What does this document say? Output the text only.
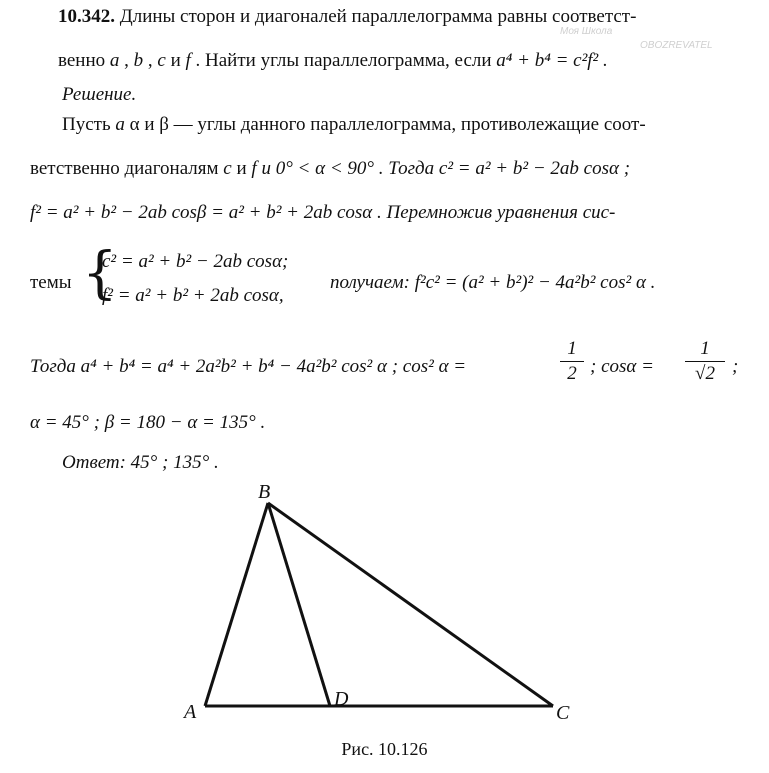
10.342. Длины сторон и диагоналей параллелограмма равны соответст-
венно a , b , c и f . Найти углы параллелограмма, если a⁴ + b⁴ = c²f² .
Решение.
Пусть a α и β — углы данного параллелограмма, противолежащие соот-
ветственно диагоналям c и f и 0° < α < 90° . Тогда c² = a² + b² − 2ab cosα ;
f² = a² + b² − 2ab cosβ = a² + b² + 2ab cosα . Перемножив уравнения сис-
темы {
c² = a² + b² − 2ab cosα;
f² = a² + b² + 2ab cosα,
получаем: f²c² = (a² + b²)² − 4a²b² cos² α .
Тогда a⁴ + b⁴ = a⁴ + 2a²b² + b⁴ − 4a²b² cos² α ; cos² α =
1
2 ; cosα =
1
√2 ;
α = 45° ; β = 180 − α = 135° .
Ответ: 45° ; 135° .
A
B
C
D
Рис. 10.126
Моя Школа
OBOZREVATEL
